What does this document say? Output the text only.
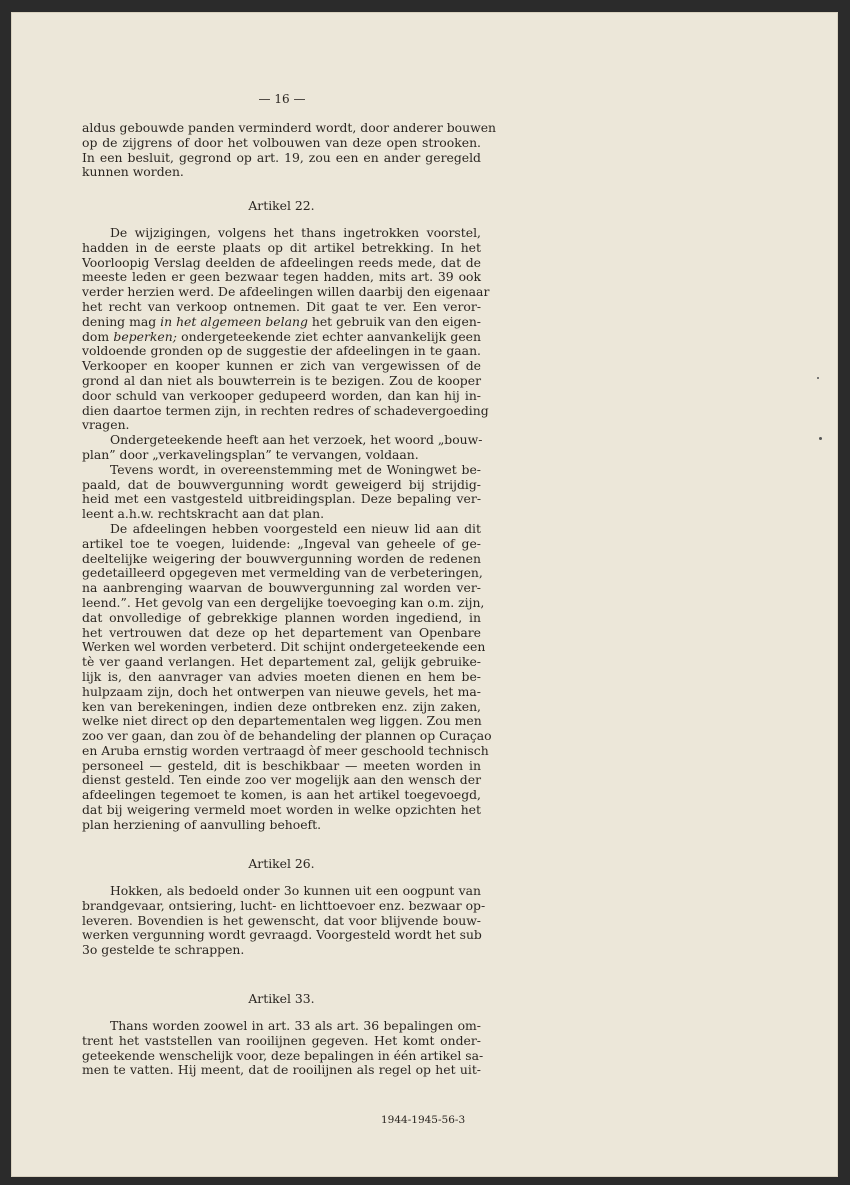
— 16 —
aldus gebouwde panden verminderd wordt, door anderer bouwen
op de zijgrens of door het volbouwen van deze open strooken.
In een besluit, gegrond op art. 19, zou een en ander geregeld
kunnen worden.
Artikel 22.
De wijzigingen, volgens het thans ingetrokken voorstel,
hadden in de eerste plaats op dit artikel betrekking. In het
Voorloopig Verslag deelden de afdeelingen reeds mede, dat de
meeste leden er geen bezwaar tegen hadden, mits art. 39 ook
verder herzien werd. De afdeelingen willen daarbij den eigenaar
het recht van verkoop ontnemen. Dit gaat te ver. Een veror-
dening mag in het algemeen belang het gebruik van den eigen-
dom beperken; ondergeteekende ziet echter aanvankelijk geen
voldoende gronden op de suggestie der afdeelingen in te gaan.
Verkooper en kooper kunnen er zich van vergewissen of de
grond al dan niet als bouwterrein is te bezigen. Zou de kooper
door schuld van verkooper gedupeerd worden, dan kan hij in-
dien daartoe termen zijn, in rechten redres of schadevergoeding
vragen.
Ondergeteekende heeft aan het verzoek, het woord „bouw-
plan” door „verkavelingsplan” te vervangen, voldaan.
Tevens wordt, in overeenstemming met de Woningwet be-
paald, dat de bouwvergunning wordt geweigerd bij strijdig-
heid met een vastgesteld uitbreidingsplan. Deze bepaling ver-
leent a.h.w. rechtskracht aan dat plan.
De afdeelingen hebben voorgesteld een nieuw lid aan dit
artikel toe te voegen, luidende: „Ingeval van geheele of ge-
deeltelijke weigering der bouwvergunning worden de redenen
gedetailleerd opgegeven met vermelding van de verbeteringen,
na aanbrenging waarvan de bouwvergunning zal worden ver-
leend.”. Het gevolg van een dergelijke toevoeging kan o.m. zijn,
dat onvolledige of gebrekkige plannen worden ingediend, in
het vertrouwen dat deze op het departement van Openbare
Werken wel worden verbeterd. Dit schijnt ondergeteekende een
tè ver gaand verlangen. Het departement zal, gelijk gebruike-
lijk is, den aanvrager van advies moeten dienen en hem be-
hulpzaam zijn, doch het ontwerpen van nieuwe gevels, het ma-
ken van berekeningen, indien deze ontbreken enz. zijn zaken,
welke niet direct op den departementalen weg liggen. Zou men
zoo ver gaan, dan zou òf de behandeling der plannen op Curaçao
en Aruba ernstig worden vertraagd òf meer geschoold technisch
personeel — gesteld, dit is beschikbaar — meeten worden in
dienst gesteld. Ten einde zoo ver mogelijk aan den wensch der
afdeelingen tegemoet te komen, is aan het artikel toegevoegd,
dat bij weigering vermeld moet worden in welke opzichten het
plan herziening of aanvulling behoeft.
Artikel 26.
Hokken, als bedoeld onder 3o kunnen uit een oogpunt van
brandgevaar, ontsiering, lucht- en lichttoevoer enz. bezwaar op-
leveren. Bovendien is het gewenscht, dat voor blijvende bouw-
werken vergunning wordt gevraagd. Voorgesteld wordt het sub
3o gestelde te schrappen.
Artikel 33.
Thans worden zoowel in art. 33 als art. 36 bepalingen om-
trent het vaststellen van rooilijnen gegeven. Het komt onder-
geteekende wenschelijk voor, deze bepalingen in één artikel sa-
men te vatten. Hij meent, dat de rooilijnen als regel op het uit-
1944-1945-56-3
